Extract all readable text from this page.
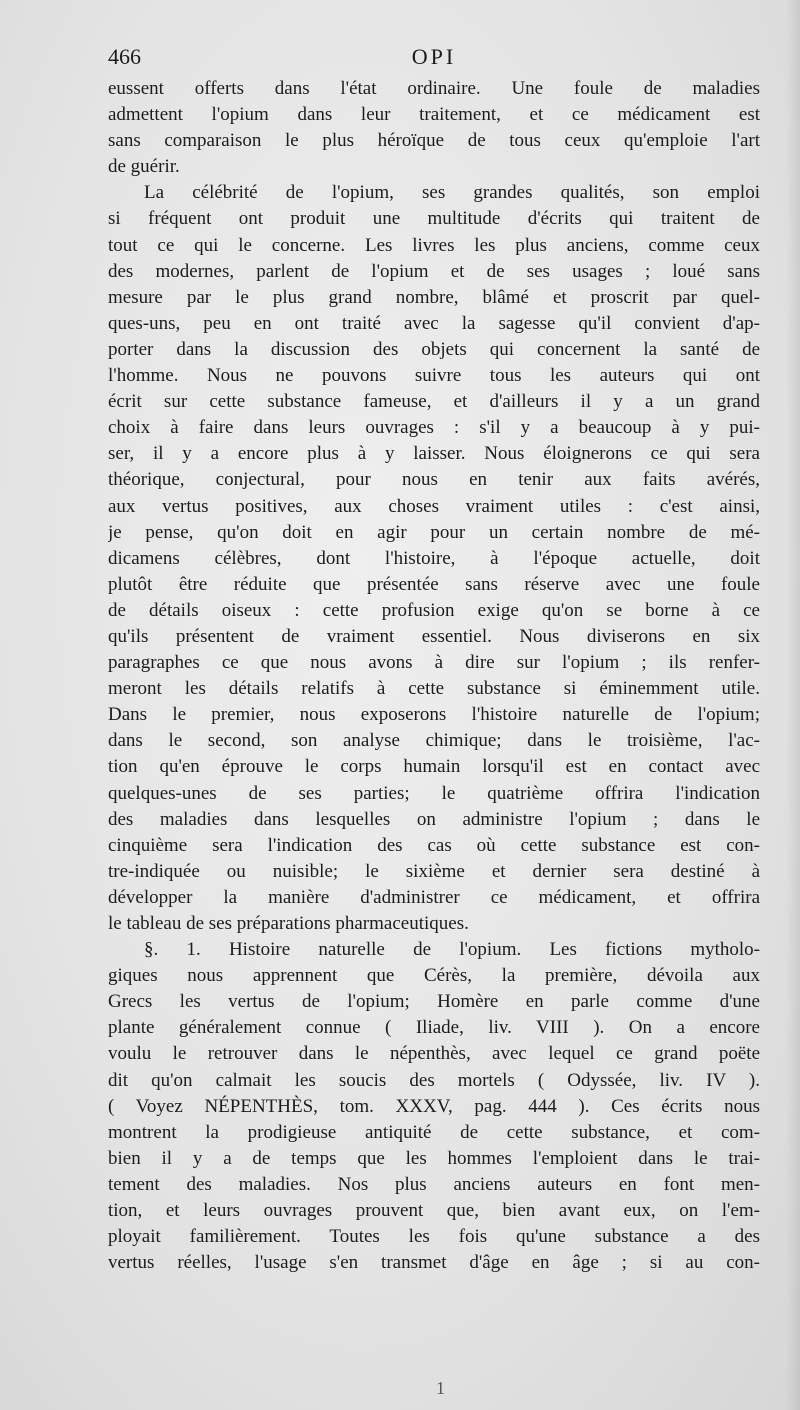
466	OPI
eussent offerts dans l'état ordinaire. Une foule de maladies
admettent l'opium dans leur traitement, et ce médicament est
sans comparaison le plus héroïque de tous ceux qu'emploie l'art
de guérir.
La célébrité de l'opium, ses grandes qualités, son emploi
si fréquent ont produit une multitude d'écrits qui traitent de
tout ce qui le concerne. Les livres les plus anciens, comme ceux
des modernes, parlent de l'opium et de ses usages ; loué sans
mesure par le plus grand nombre, blâmé et proscrit par quel-
ques-uns, peu en ont traité avec la sagesse qu'il convient d'ap-
porter dans la discussion des objets qui concernent la santé de
l'homme. Nous ne pouvons suivre tous les auteurs qui ont
écrit sur cette substance fameuse, et d'ailleurs il y a un grand
choix à faire dans leurs ouvrages : s'il y a beaucoup à y pui-
ser, il y a encore plus à y laisser. Nous éloignerons ce qui sera
théorique, conjectural, pour nous en tenir aux faits avérés,
aux vertus positives, aux choses vraiment utiles : c'est ainsi,
je pense, qu'on doit en agir pour un certain nombre de mé-
dicamens célèbres, dont l'histoire, à l'époque actuelle, doit
plutôt être réduite que présentée sans réserve avec une foule
de détails oiseux : cette profusion exige qu'on se borne à ce
qu'ils présentent de vraiment essentiel. Nous diviserons en six
paragraphes ce que nous avons à dire sur l'opium ; ils renfer-
meront les détails relatifs à cette substance si éminemment utile.
Dans le premier, nous exposerons l'histoire naturelle de l'opium;
dans le second, son analyse chimique; dans le troisième, l'ac-
tion qu'en éprouve le corps humain lorsqu'il est en contact avec
quelques-unes de ses parties; le quatrième offrira l'indication
des maladies dans lesquelles on administre l'opium ; dans le
cinquième sera l'indication des cas où cette substance est con-
tre-indiquée ou nuisible; le sixième et dernier sera destiné à
développer la manière d'administrer ce médicament, et offrira
le tableau de ses préparations pharmaceutiques.
§. 1. Histoire naturelle de l'opium. Les fictions mytholo-
giques nous apprennent que Cérès, la première, dévoila aux
Grecs les vertus de l'opium; Homère en parle comme d'une
plante généralement connue ( Iliade, liv. VIII ). On a encore
voulu le retrouver dans le népenthès, avec lequel ce grand poëte
dit qu'on calmait les soucis des mortels ( Odyssée, liv. IV ).
( Voyez NÉPENTHÈS, tom. XXXV, pag. 444 ). Ces écrits nous
montrent la prodigieuse antiquité de cette substance, et com-
bien il y a de temps que les hommes l'emploient dans le trai-
tement des maladies. Nos plus anciens auteurs en font men-
tion, et leurs ouvrages prouvent que, bien avant eux, on l'em-
ployait familièrement. Toutes les fois qu'une substance a des
vertus réelles, l'usage s'en transmet d'âge en âge ; si au con-
1
